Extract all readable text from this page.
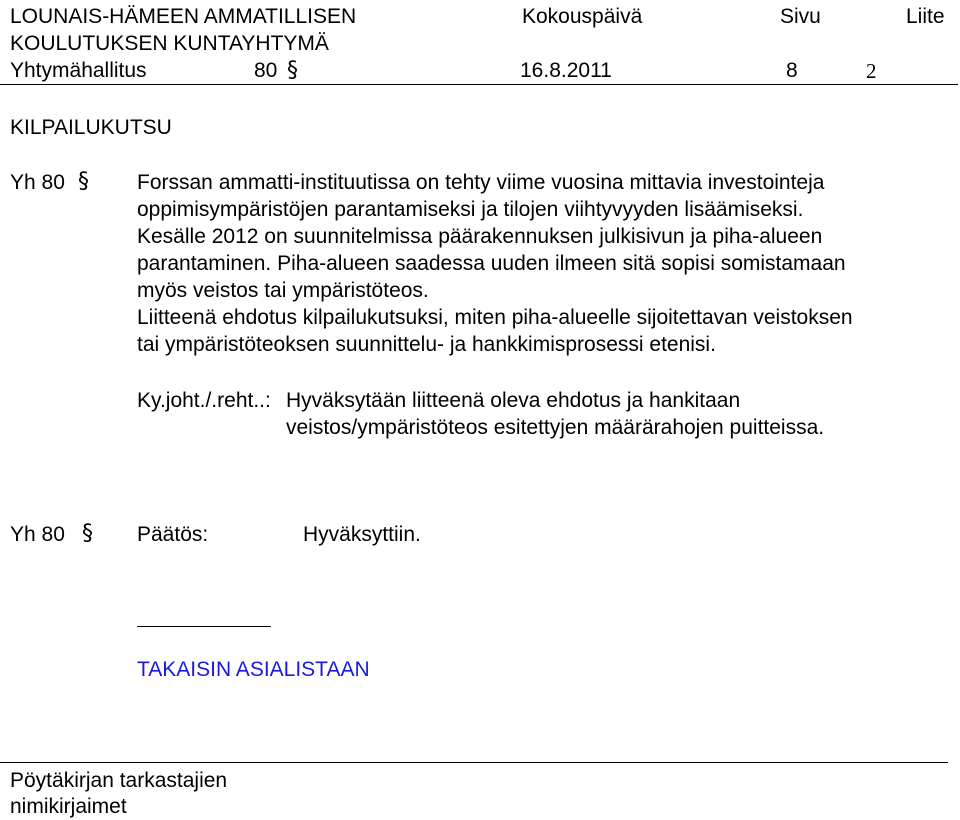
LOUNAIS-HÄMEEN AMMATILLISEN
KOULUTUKSEN KUNTAYHTYMÄ
Kokouspäivä	Sivu	Liite
Yhtymähallitus	80 §	16.8.2011	8	2
KILPAILUKUTSU
Yh 80 § Forssan ammatti-instituutissa on tehty viime vuosina mittavia investointeja
oppimisympäristöjen parantamiseksi ja tilojen viihtyvyyden lisäämiseksi.
Kesälle 2012 on suunnitelmissa päärakennuksen julkisivun ja piha-alueen
parantaminen. Piha-alueen saadessa uuden ilmeen sitä sopisi somistamaan
myös veistos tai ympäristöteos.
Liitteenä ehdotus kilpailukutsuksi, miten piha-alueelle sijoitettavan veistoksen
tai ympäristöteoksen suunnittelu- ja hankkimisprosessi etenisi.
Ky.joht./.reht..: Hyväksytään liitteenä oleva ehdotus ja hankitaan
veistos/ympäristöteos esitettyjen määrärahojen puitteissa.
Yh 80 § Päätös:	Hyväksyttiin.
TAKAISIN ASIALISTAAN
Pöytäkirjan tarkastajien
nimikirjaimet
